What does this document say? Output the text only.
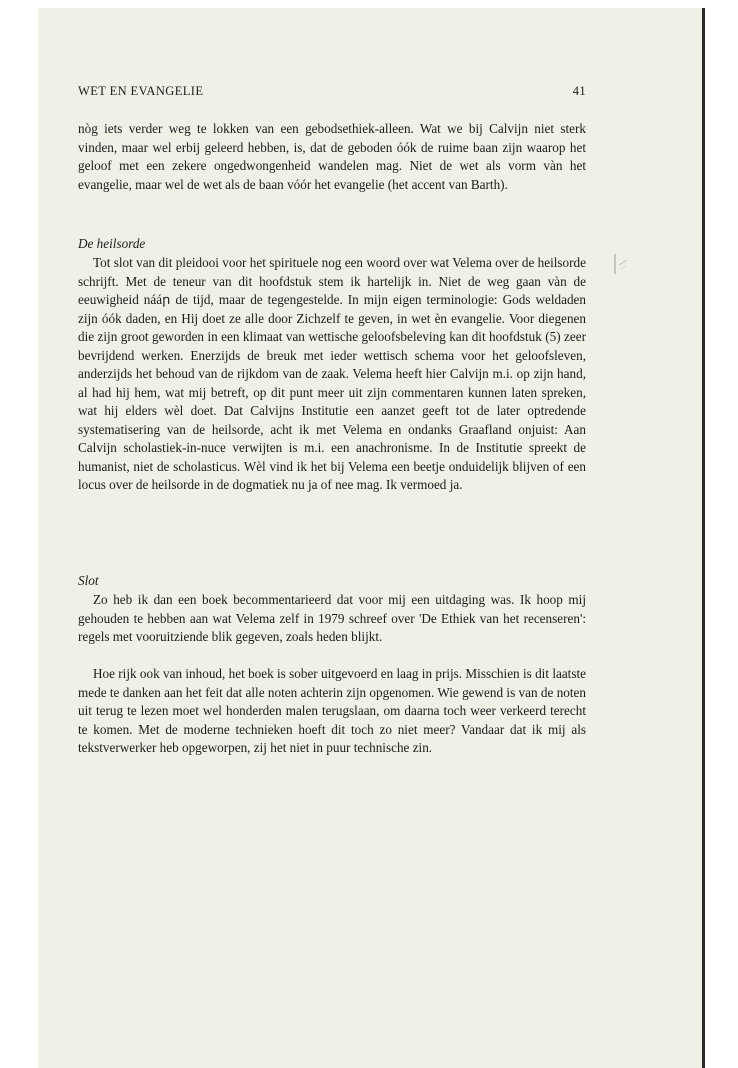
WET EN EVANGELIE	41

nòg iets verder weg te lokken van een gebodsethiek-alleen. Wat we bij Calvijn niet sterk vinden, maar wel erbij geleerd hebben, is, dat de geboden óók de ruime baan zijn waarop het geloof met een zekere ongedwongenheid wandelen mag. Niet de wet als vorm vàn het evangelie, maar wel de wet als de baan vóór het evangelie (het accent van Barth).

De heilsorde

Tot slot van dit pleidooi voor het spirituele nog een woord over wat Velema over de heilsorde schrijft. Met de teneur van dit hoofdstuk stem ik hartelijk in. Niet de weg gaan vàn de eeuwigheid nááր de tijd, maar de tegengestelde. In mijn eigen terminologie: Gods weldaden zijn óók daden, en Hij doet ze alle door Zichzelf te geven, in wet èn evangelie. Voor diegenen die zijn groot geworden in een klimaat van wettische geloofsbeleving kan dit hoofdstuk (5) zeer bevrijdend werken. Enerzijds de breuk met ieder wettisch schema voor het geloofsleven, anderzijds het behoud van de rijkdom van de zaak. Velema heeft hier Calvijn m.i. op zijn hand, al had hij hem, wat mij betreft, op dit punt meer uit zijn commentaren kunnen laten spreken, wat hij elders wèl doet. Dat Calvijns Institutie een aanzet geeft tot de later optredende systematisering van de heilsorde, acht ik met Velema en ondanks Graafland onjuist: Aan Calvijn scholastiek-in-nuce verwijten is m.i. een anachronisme. In de Institutie spreekt de humanist, niet de scholasticus. Wèl vind ik het bij Velema een beetje onduidelijk blijven of een locus over de heilsorde in de dogmatiek nu ja of nee mag. Ik vermoed ja.

Slot

Zo heb ik dan een boek becommentarieerd dat voor mij een uitdaging was. Ik hoop mij gehouden te hebben aan wat Velema zelf in 1979 schreef over 'De Ethiek van het recenseren': regels met vooruitziende blik gegeven, zoals heden blijkt.

Hoe rijk ook van inhoud, het boek is sober uitgevoerd en laag in prijs. Misschien is dit laatste mede te danken aan het feit dat alle noten achterin zijn opgenomen. Wie gewend is van de noten uit terug te lezen moet wel honderden malen terugslaan, om daarna toch weer verkeerd terecht te komen. Met de moderne technieken hoeft dit toch zo niet meer? Vandaar dat ik mij als tekstverwerker heb opgeworpen, zij het niet in puur technische zin.
